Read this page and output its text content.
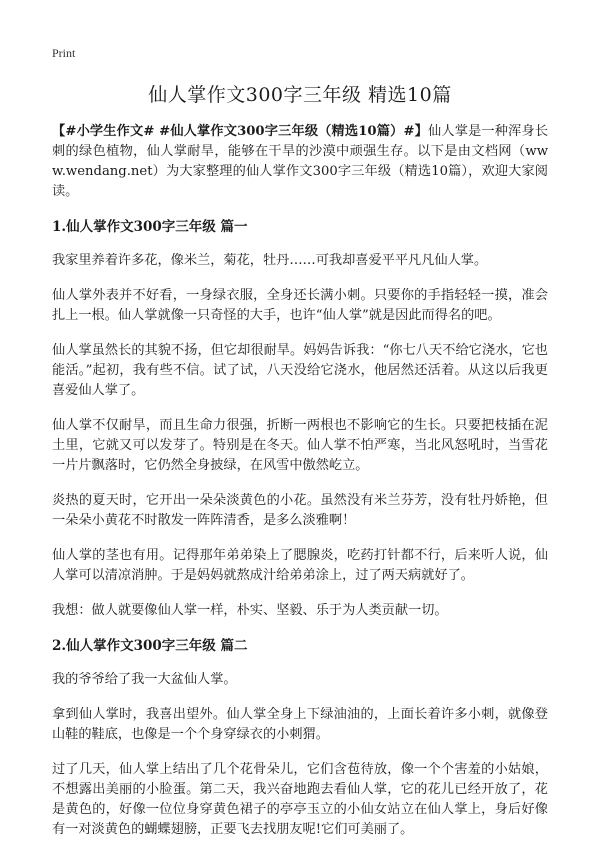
Print
仙人掌作文300字三年级 精选10篇

【#小学生作文# #仙人掌作文300字三年级（精选10篇）#】仙人掌是一种浑身长刺的绿色植物，仙人掌耐旱，能够在干旱的沙漠中顽强生存。以下是由文档网（www.wendang.net）为大家整理的仙人掌作文300字三年级（精选10篇），欢迎大家阅读。

1.仙人掌作文300字三年级 篇一

我家里养着许多花，像米兰，菊花，牡丹……可我却喜爱平平凡凡仙人掌。

仙人掌外表并不好看，一身绿衣服，全身还长满小刺。只要你的手指轻轻一摸，准会扎上一根。仙人掌就像一只奇怪的大手，也许“仙人掌”就是因此而得名的吧。

仙人掌虽然长的其貌不扬，但它却很耐旱。妈妈告诉我：“你七八天不给它浇水，它也能活。”起初，我有些不信。试了试，八天没给它浇水，他居然还活着。从这以后我更喜爱仙人掌了。

仙人掌不仅耐旱，而且生命力很强，折断一两根也不影响它的生长。只要把枝插在泥土里，它就又可以发芽了。特别是在冬天。仙人掌不怕严寒，当北风怒吼时，当雪花一片片飘落时，它仍然全身披绿，在风雪中傲然屹立。

炎热的夏天时，它开出一朵朵淡黄色的小花。虽然没有米兰芬芳，没有牡丹娇艳，但一朵朵小黄花不时散发一阵阵清香，是多么淡雅啊！

仙人掌的茎也有用。记得那年弟弟染上了腮腺炎，吃药打针都不行，后来听人说，仙人掌可以清凉消肿。于是妈妈就熬成汁给弟弟涂上，过了两天病就好了。

我想：做人就要像仙人掌一样，朴实、坚毅、乐于为人类贡献一切。

2.仙人掌作文300字三年级 篇二

我的爷爷给了我一大盆仙人掌。

拿到仙人掌时，我喜出望外。仙人掌全身上下绿油油的，上面长着许多小刺，就像登山鞋的鞋底，也像是一个个身穿绿衣的小刺猬。

过了几天，仙人掌上结出了几个花骨朵儿，它们含苞待放，像一个个害羞的小姑娘，不想露出美丽的小脸蛋。第二天，我兴奋地跑去看仙人掌，它的花儿已经开放了，花是黄色的，好像一位位身穿黄色裙子的亭亭玉立的小仙女站立在仙人掌上，身后好像有一对淡黄色的蝴蝶翅膀，正要飞去找朋友呢!它们可美丽了。
